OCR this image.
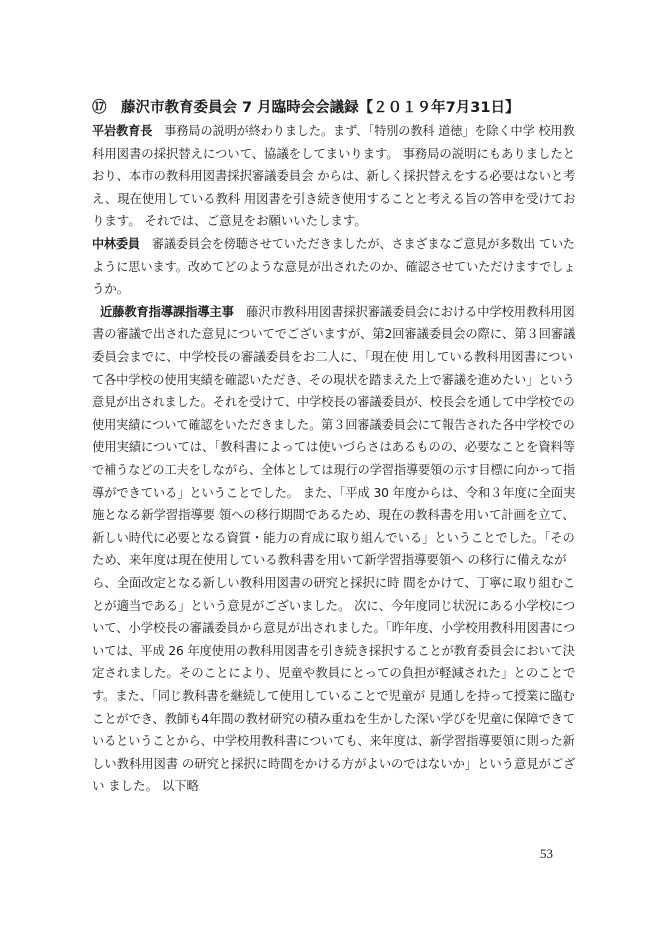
⑰　藤沢市教育委員会 7 月臨時会会議録【２０１９年7月31日】
平岩教育長　 事務局の説明が終わりました。まず、「特別の教科 道徳」を除く中学 校用教
科用図書の採択替えについて、協議をしてまいります。 事務局の説明にもありましたと
おり、本市の教科用図書採択審議委員会 からは、新しく採択替えをする必要はないと考
え、現在使用している教科 用図書を引き続き使用することと考える旨の答申を受けてお
ります。 それでは、ご意見をお願いいたします。
中林委員　 審議委員会を傍聴させていただきましたが、さまざまなご意見が多数出 ていた
ように思います。改めてどのような意見が出されたのか、確認させていただけますでしょ
うか。
近藤教育指導課指導主事　 藤沢市教科用図書採択審議委員会における中学校用教科用図
書の審議で出された意見についてでございますが、第2回審議委員会の際に、第３回審議
委員会までに、中学校長の審議委員をお二人に、「現在使 用している教科用図書につい
て各中学校の使用実績を確認いただき、その現状を踏まえた上で審議を進めたい」という
意見が出されました。それを受けて、中学校長の審議委員が、校長会を通して中学校での
使用実績について確認をいただきました。第３回審議委員会にて報告された各中学校での
使用実績については、「教科書によっては使いづらさはあるものの、必要なことを資料等
で補うなどの工夫をしながら、全体としては現行の学習指導要領の示す目標に向かって指
導ができている」ということでした。 また、「平成 30 年度からは、令和３年度に全面実
施となる新学習指導要 領への移行期間であるため、現在の教科書を用いて計画を立て、
新しい時代に必要となる資質・能力の育成に取り組んでいる」ということでした。「その
ため、来年度は現在使用している教科書を用いて新学習指導要領へ の移行に備えなが
ら、全面改定となる新しい教科用図書の研究と採択に時 間をかけて、丁寧に取り組むこ
とが適当である」という意見がございました。 次に、今年度同じ状況にある小学校につ
いて、小学校長の審議委員から意見が出されました。「昨年度、小学校用教科用図書につ
いては、平成 26 年度使用の教科用図書を引き続き採択することが教育委員会において決
定されました。そのことにより、児童や教員にとっての負担が軽減された」とのことで
す。また、「同じ教科書を継続して使用していることで児童が 見通しを持って授業に臨む
ことができ、教師も4年間の教材研究の積み重ねを生かした深い学びを児童に保障できて
いるということから、中学校用教科書についても、来年度は、新学習指導要領に則った新
しい教科用図書 の研究と採択に時間をかける方がよいのではないか」という意見がござ
い ました。 以下略
53
